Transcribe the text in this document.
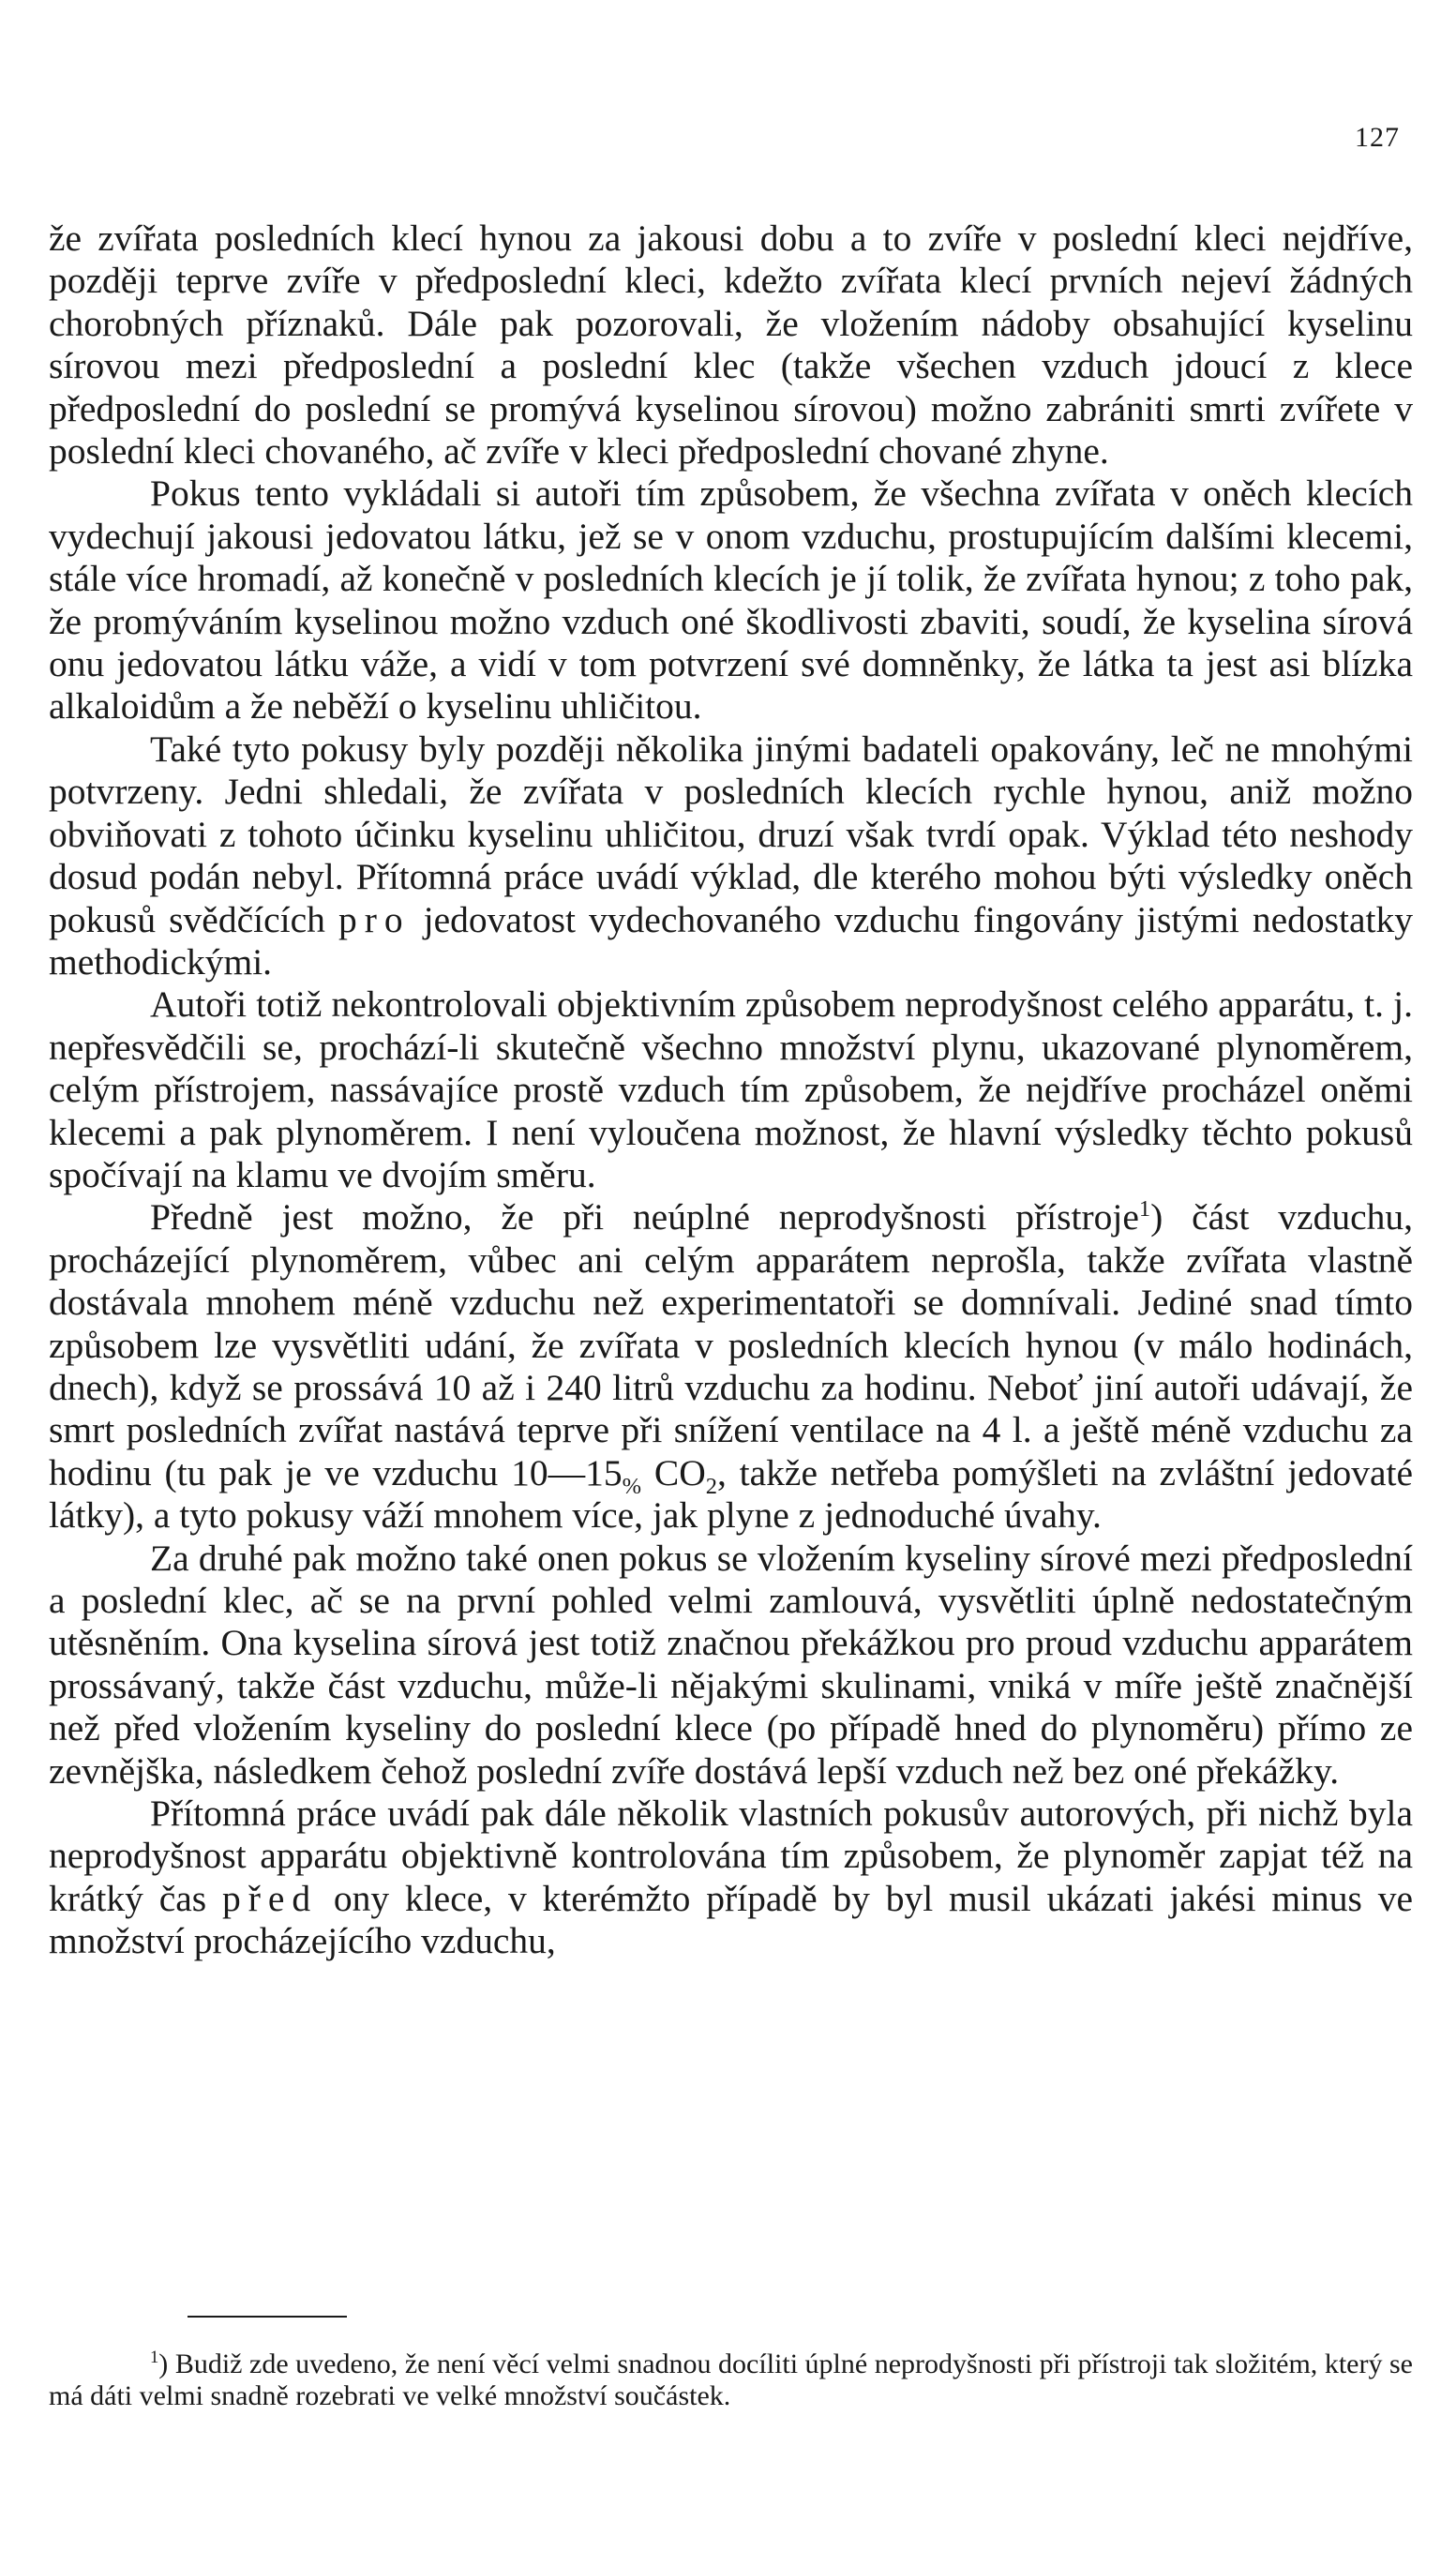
127

že zvířata posledních klecí hynou za jakousi dobu a to zvíře v poslední kleci nejdříve, později teprve zvíře v předposlední kleci, kdežto zvířata klecí prvních nejeví žádných chorobných příznaků. Dále pak pozorovali, že vložením nádoby obsahující kyselinu sírovou mezi předposlední a poslední klec (takže všechen vzduch jdoucí z klece předposlední do poslední se promývá kyselinou sírovou) možno zabrániti smrti zvířete v poslední kleci chovaného, ač zvíře v kleci předposlední chované zhyne.

Pokus tento vykládali si autoři tím způsobem, že všechna zvířata v oněch klecích vydechují jakousi jedovatou látku, jež se v onom vzduchu, prostupujícím dalšími klecemi, stále více hromadí, až konečně v posledních klecích je jí tolik, že zvířata hynou; z toho pak, že promýváním kyselinou možno vzduch oné škodlivosti zbaviti, soudí, že kyselina sírová onu jedovatou látku váže, a vidí v tom potvrzení své domněnky, že látka ta jest asi blízka alkaloidům a že neběží o kyselinu uhličitou.

Také tyto pokusy byly později několika jinými badateli opakovány, leč ne mnohými potvrzeny. Jedni shledali, že zvířata v posledních klecích rychle hynou, aniž možno obviňovati z tohoto účinku kyselinu uhličitou, druzí však tvrdí opak. Výklad této neshody dosud podán nebyl. Přítomná práce uvádí výklad, dle kterého mohou býti výsledky oněch pokusů svědčících pro jedovatost vydechovaného vzduchu fingovány jistými nedostatky methodickými.

Autoři totiž nekontrolovali objektivním způsobem neprodyšnost celého apparátu, t. j. nepřesvědčili se, prochází-li skutečně všechno množství plynu, ukazované plynoměrem, celým přístrojem, nassávajíce prostě vzduch tím způsobem, že nejdříve procházel oněmi klecemi a pak plynoměrem. I není vyloučena možnost, že hlavní výsledky těchto pokusů spočívají na klamu ve dvojím směru.

Předně jest možno, že při neúplné neprodyšnosti přístroje$^1$) část vzduchu, procházející plynoměrem, vůbec ani celým apparátem neprošla, takže zvířata vlastně dostávala mnohem méně vzduchu než experimentatoři se domnívali. Jediné snad tímto způsobem lze vysvětliti udání, že zvířata v posledních klecích hynou (v málo hodinách, dnech), když se prossává 10 až i 240 litrů vzduchu za hodinu. Neboť jiní autoři udávají, že smrt posledních zvířat nastává teprve při snížení ventilace na 4 l. a ještě méně vzduchu za hodinu (tu pak je ve vzduchu $10—15_{\%}$ $CO_2$, takže netřeba pomýšleti na zvláštní jedovaté látky), a tyto pokusy váží mnohem více, jak plyne z jednoduché úvahy.

Za druhé pak možno také onen pokus se vložením kyseliny sírové mezi předposlední a poslední klec, ač se na první pohled velmi zamlouvá, vysvětliti úplně nedostatečným utěsněním. Ona kyselina sírová jest totiž značnou překážkou pro proud vzduchu apparátem prossávaný, takže část vzduchu, může-li nějakými skulinami, vniká v míře ještě značnější než před vložením kyseliny do poslední klece (po případě hned do plynoměru) přímo ze zevnějška, následkem čehož poslední zvíře dostává lepší vzduch než bez oné překážky.

Přítomná práce uvádí pak dále několik vlastních pokusův autorových, při nichž byla neprodyšnost apparátu objektivně kontrolována tím způsobem, že plynoměr zapjat též na krátký čas před ony klece, v kterémžto případě by byl musil ukázati jakési minus ve množství procházejícího vzduchu,

$^1$) Budiž zde uvedeno, že není věcí velmi snadnou docíliti úplné neprodyšnosti při přístroji tak složitém, který se má dáti velmi snadně rozebrati ve velké množství součástek.
